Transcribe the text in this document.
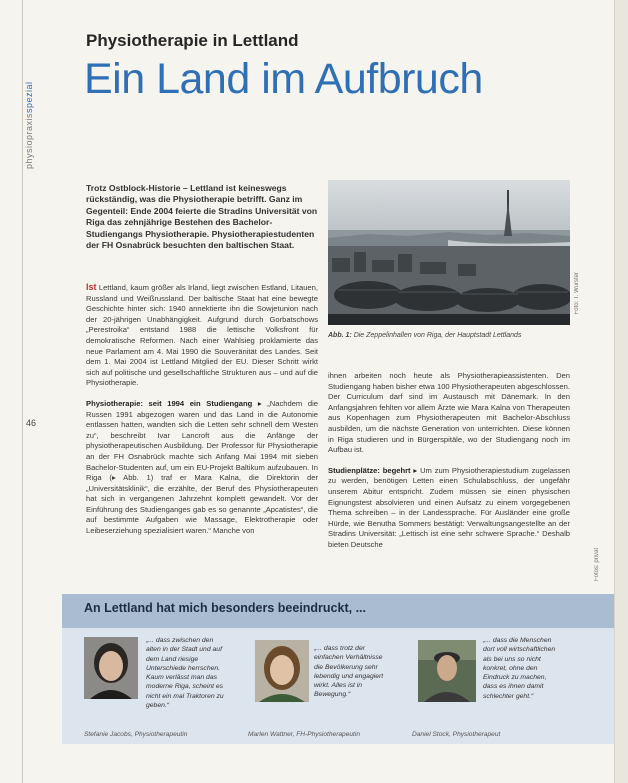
physiopraxis
spezial
46
Physiotherapie in Lettland
Ein Land im Aufbruch
Trotz Ostblock-Historie – Lettland ist keineswegs rückständig, was die Physiotherapie betrifft. Ganz im Gegenteil: Ende 2004 feierte die Stradins Universität von Riga das zehnjährige Bestehen des Bachelor-Studiengangs Physiotherapie. Physiotherapiestudenten der FH Osnabrück besuchten den baltischen Staat.

Ist Lettland, kaum größer als Irland, liegt zwischen Estland, Litauen, Russland und Weißrussland. Der baltische Staat hat eine bewegte Geschichte hinter sich: 1940 annektierte ihn die Sowjetunion nach der 20-jährigen Unabhängigkeit. Aufgrund durch Gorbatschows „Perestroika“ entstand 1988 die lettische Volksfront für demokratische Reformen. Nach einer Wahlsieg proklamierte das neue Parlament am 4. Mai 1990 die Souveränität des Landes. Seit dem 1. Mai 2004 ist Lettland Mitglied der EU. Dieser Schritt wirkt sich auf politische und gesellschaftliche Strukturen aus – und auf die Physiotherapie.

Physiotherapie: seit 1994 ein Studiengang ▸ „Nachdem die Russen 1991 abgezogen waren und das Land in die Autonomie entlassen hatten, wandten sich die Letten sehr schnell dem Westen zu“, beschreibt Ivar Lancroft aus die Anfänge der physiotherapeutischen Ausbildung. Der Professor für Physiotherapie an der FH Osnabrück machte sich Anfang Mai 1994 mit sieben Bachelor-Studenten auf, um ein EU-Projekt Baltikum aufzubauen. In Riga (▸ Abb. 1) traf er Mara Kalna, die Direktorin der „Universitätsklinik“, die erzählte, der Beruf des Physiotherapeuten hat sich in vergangenen Jahrzehnt komplett gewandelt. Vor der Einführung des Studienganges gab es so genannte „Apcatistes“, die auf bestimmte Aufgaben wie Massage, Elektrotherapie oder Leibeserziehung spezialisiert waren.“ Manche von

Foto: T. Wurster
Abb. 1: Die Zeppelinhallen von Riga, der Hauptstadt Lettlands

ihnen arbeiten noch heute als Physiotherapieassistenten. Den Studiengang haben bisher etwa 100 Physiotherapeuten abgeschlossen. Der Curriculum darf sind im Austausch mit Dänemark. In den Anfangsjahren fehlten vor allem Ärzte wie Mara Kalna von Therapeuten aus Kopenhagen zum Physiotherapeuten mit Bachelor-Abschluss ausbilden, um die nächste Generation von unterrichten. Diese können in Riga studieren und in Bürgerspitäle, wo der Studiengang noch im Aufbau ist.

Studienplätze: begehrt ▸ Um zum Physiotherapiestudium zugelassen zu werden, benötigen Letten einen Schulabschluss, der ungefähr unserem Abitur entspricht. Zudem müssen sie einen physischen Eignungstest absolvieren und einen Aufsatz zu einem vorgegebenen Thema schreiben – in der Landessprache. Für Ausländer eine große Hürde, wie Benutha Sommers bestätigt: Verwaltungsangestellte an der Stradins Universität: „Lettisch ist eine sehr schwere Sprache.“ Deshalb bieten Deutsche

Fotos: privat
An Lettland hat mich besonders beeindruckt, ...
„... dass zwischen den alten in der Stadt und auf dem Land riesige Unterschiede herrschen. Kaum verlässt man das moderne Riga, scheint es nicht ein mal Traktoren zu geben.“
Stefanie Jacobs, Physiotherapeutin
„... dass trotz der einfachen Verhältnisse die Bevölkerung sehr lebendig und engagiert wirkt. Alles ist in Bewegung.“
Marlen Wattner, FH-Physiotherapeutin
„... dass die Menschen dort voll wirtschaftlichen als bei uns so nicht konkret, ohne den Eindruck zu machen, dass es ihnen damit schlechter geht.“
Daniel Stock, Physiotherapeut
